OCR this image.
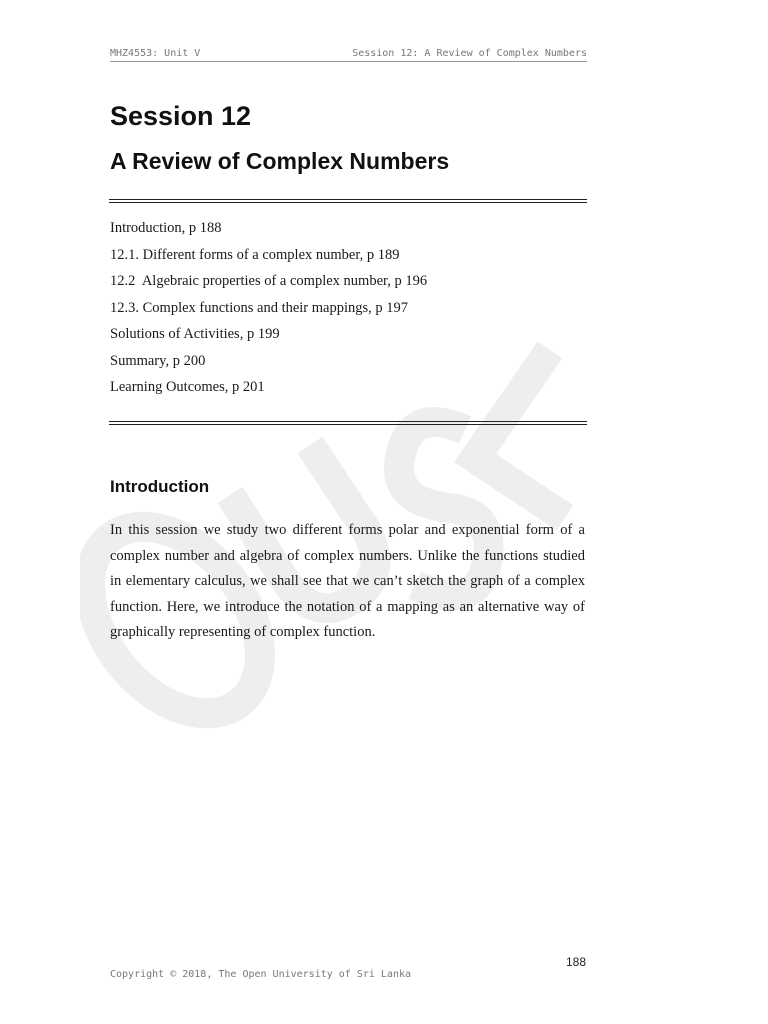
MHZ4553: Unit V	Session 12: A Review of Complex Numbers
Session 12
A Review of Complex Numbers
Introduction, p 188
12.1. Different forms of a complex number, p 189
12.2  Algebraic properties of a complex number, p 196
12.3. Complex functions and their mappings, p 197
Solutions of Activities, p 199
Summary, p 200
Learning Outcomes, p 201
Introduction

In this session we study two different forms polar and exponential form of a complex number and algebra of complex numbers. Unlike the functions studied in elementary calculus, we shall see that we can’t sketch the graph of a complex function. Here, we introduce the notation of a mapping as an alternative way of graphically representing of complex function.

188
Copyright © 2018, The Open University of Sri Lanka
